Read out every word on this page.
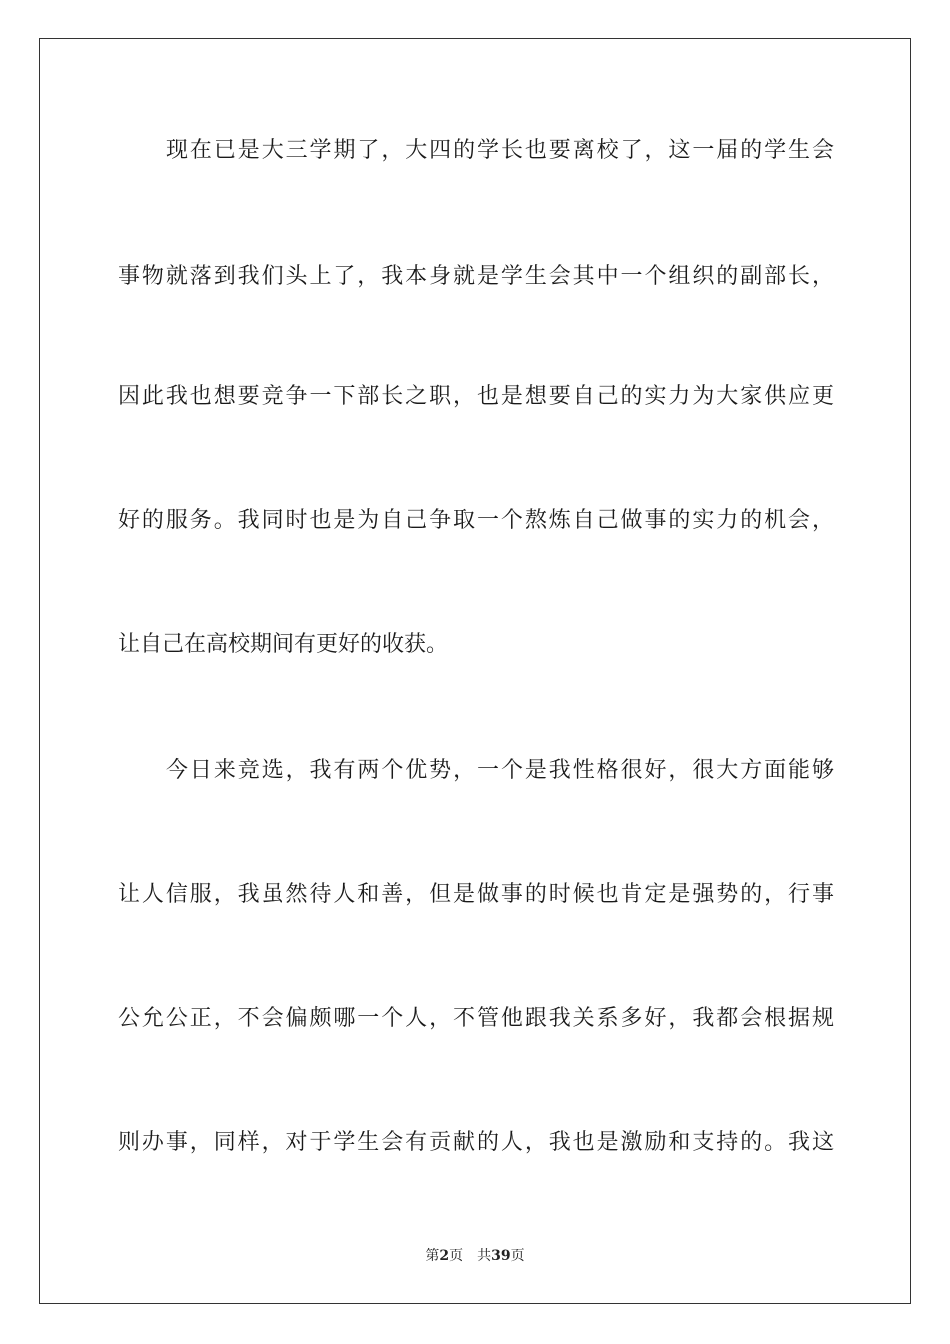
现在已是大三学期了，大四的学长也要离校了，这一届的学生会
事物就落到我们头上了，我本身就是学生会其中一个组织的副部长，
因此我也想要竞争一下部长之职，也是想要自己的实力为大家供应更
好的服务。我同时也是为自己争取一个熬炼自己做事的实力的机会，
让自己在高校期间有更好的收获。
今日来竞选，我有两个优势，一个是我性格很好，很大方面能够
让人信服，我虽然待人和善，但是做事的时候也肯定是强势的，行事
公允公正，不会偏颇哪一个人，不管他跟我关系多好，我都会根据规
则办事，同样，对于学生会有贡献的人，我也是激励和支持的。我这
第2页 共39页
